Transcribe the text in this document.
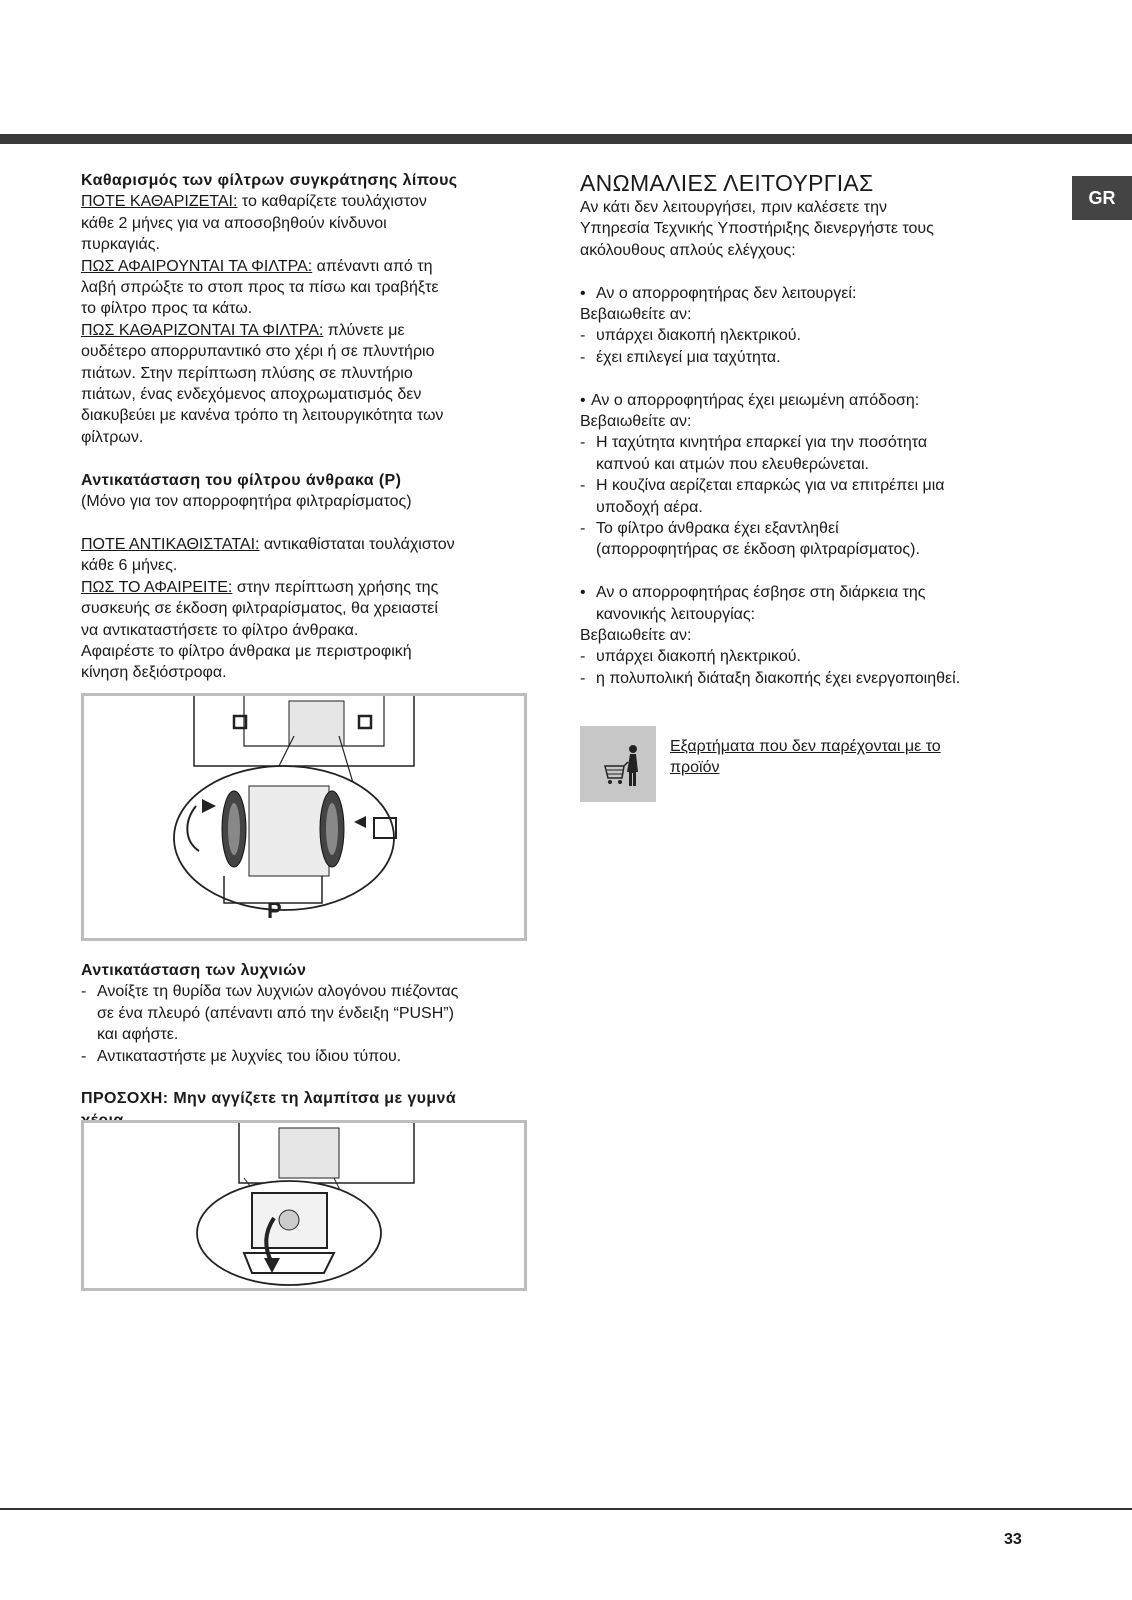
GR
Καθαρισμός των φίλτρων συγκράτησης λίπους
ΠΟΤΕ ΚΑΘΑΡΙΖΕΤΑΙ: το καθαρίζετε τουλάχιστον
κάθε 2 μήνες για να αποσοβηθούν κίνδυνοι
πυρκαγιάς.
ΠΩΣ ΑΦΑΙΡΟΥΝΤΑΙ ΤΑ ΦΙΛΤΡΑ: απέναντι από τη
λαβή σπρώξτε το στοπ προς τα πίσω και τραβήξτε
το φίλτρο προς τα κάτω.
ΠΩΣ ΚΑΘΑΡΙΖΟΝΤΑΙ ΤΑ ΦΙΛΤΡΑ: πλύνετε με
ουδέτερο απορρυπαντικό στο χέρι ή σε πλυντήριο
πιάτων. Στην περίπτωση πλύσης σε πλυντήριο
πιάτων, ένας ενδεχόμενος αποχρωματισμός δεν
διακυβεύει με κανένα τρόπο τη λειτουργικότητα των
φίλτρων.
Αντικατάσταση του φίλτρου άνθρακα (P)
(Μόνο για τον απορροφητήρα φιλτραρίσματος)
ΠΟΤΕ ΑΝΤΙΚΑΘΙΣΤΑΤΑΙ: αντικαθίσταται τουλάχιστον
κάθε 6 μήνες.
ΠΩΣ ΤΟ ΑΦΑΙΡΕΙΤΕ: στην περίπτωση χρήσης της
συσκευής σε έκδοση φιλτραρίσματος, θα χρειαστεί
να αντικαταστήσετε το φίλτρο άνθρακα.
Αφαιρέστε το φίλτρο άνθρακα με περιστροφική
κίνηση δεξιόστροφα.
P
Αντικατάσταση των λυχνιών
- Ανοίξτε τη θυρίδα των λυχνιών αλογόνου πιέζοντας
σε ένα πλευρό (απέναντι από την ένδειξη “PUSH”)
και αφήστε.
- Αντικαταστήστε με λυχνίες του ίδιου τύπου.
ΠΡΟΣΟΧΗ: Μην αγγίζετε τη λαμπίτσα με γυμνά
ΑΝΩΜΑΛΙΕΣ ΛΕΙΤΟΥΡΓΙΑΣ
Αν κάτι δεν λειτουργήσει, πριν καλέσετε την
Υπηρεσία Τεχνικής Υποστήριξης διενεργήστε τους
ακόλουθους απλούς ελέγχους:
• Αν ο απορροφητήρας δεν λειτουργεί:
Βεβαιωθείτε αν:
- υπάρχει διακοπή ηλεκτρικού.
- έχει επιλεγεί μια ταχύτητα.
• Αν ο απορροφητήρας έχει μειωμένη απόδοση:
Βεβαιωθείτε αν:
- Η ταχύτητα κινητήρα επαρκεί για την ποσότητα
καπνού και ατμών που ελευθερώνεται.
- Η κουζίνα αερίζεται επαρκώς για να επιτρέπει μια
υποδοχή αέρα.
- Το φίλτρο άνθρακα έχει εξαντληθεί
(απορροφητήρας σε έκδοση φιλτραρίσματος).
• Αν ο απορροφητήρας έσβησε στη διάρκεια της
κανονικής λειτουργίας:
Βεβαιωθείτε αν:
- υπάρχει διακοπή ηλεκτρικού.
- η πολυπολική διάταξη διακοπής έχει ενεργοποιηθεί.
Εξαρτήματα που δεν παρέχονται με το
προϊόν
33
